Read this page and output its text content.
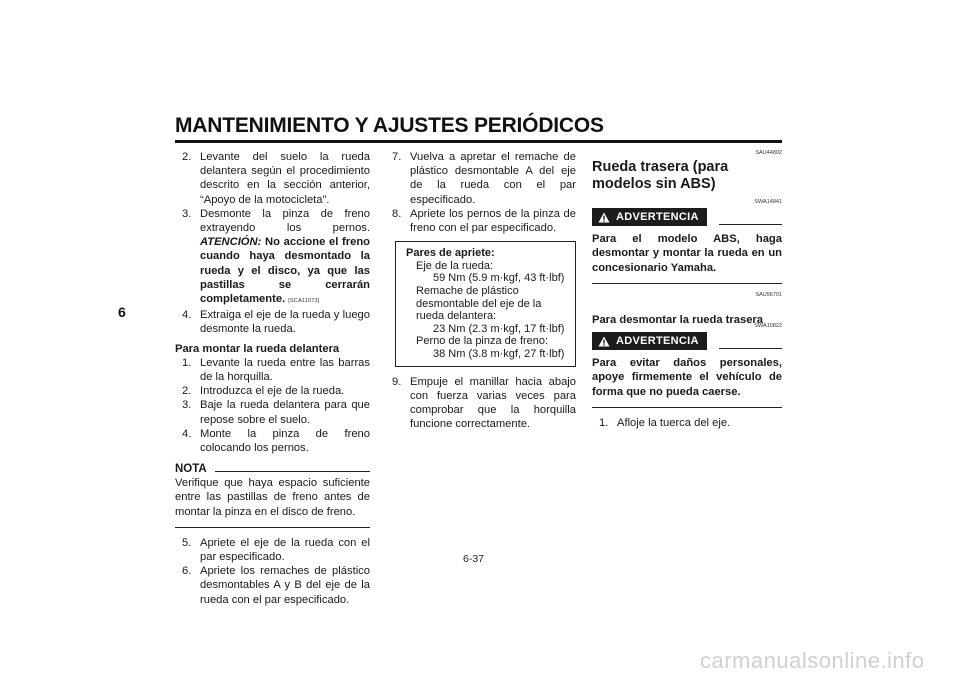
MANTENIMIENTO Y AJUSTES PERIÓDICOS
6

2. Levante del suelo la rueda delantera según el procedimiento descrito en la sección anterior, “Apoyo de la motocicleta”.

3. Desmonte la pinza de freno extrayendo los pernos. ATENCIÓN: No accione el freno cuando haya desmontado la rueda y el disco, ya que las pastillas se cerrarán completamente. [SCA11073]

4. Extraiga el eje de la rueda y luego desmonte la rueda.

Para montar la rueda delantera

1. Levante la rueda entre las barras de la horquilla.

2. Introduzca el eje de la rueda.

3. Baje la rueda delantera para que repose sobre el suelo.

4. Monte la pinza de freno colocando los pernos.

NOTA
Verifique que haya espacio suficiente entre las pastillas de freno antes de montar la pinza en el disco de freno.

5. Apriete el eje de la rueda con el par especificado.

6. Apriete los remaches de plástico desmontables A y B del eje de la rueda con el par especificado.

7. Vuelva a apretar el remache de plástico desmontable A del eje de la rueda con el par especificado.

8. Apriete los pernos de la pinza de freno con el par especificado.

Pares de apriete:
Eje de la rueda:
59 Nm (5.9 m·kgf, 43 ft·lbf)
Remache de plástico desmontable del eje de la rueda delantera:
23 Nm (2.3 m·kgf, 17 ft·lbf)
Perno de la pinza de freno:
38 Nm (3.8 m·kgf, 27 ft·lbf)

9. Empuje el manillar hacia abajo con fuerza varias veces para comprobar que la horquilla funcione correctamente.

SAU44802
Rueda trasera (para modelos sin ABS)
SWA14841
ADVERTENCIA
Para el modelo ABS, haga desmontar y montar la rueda en un concesionario Yamaha.
SAU56701
Para desmontar la rueda trasera
SWA10822
ADVERTENCIA
Para evitar daños personales, apoye firmemente el vehículo de forma que no pueda caerse.

1. Afloje la tuerca del eje.

6-37
carmanualsonline.info
